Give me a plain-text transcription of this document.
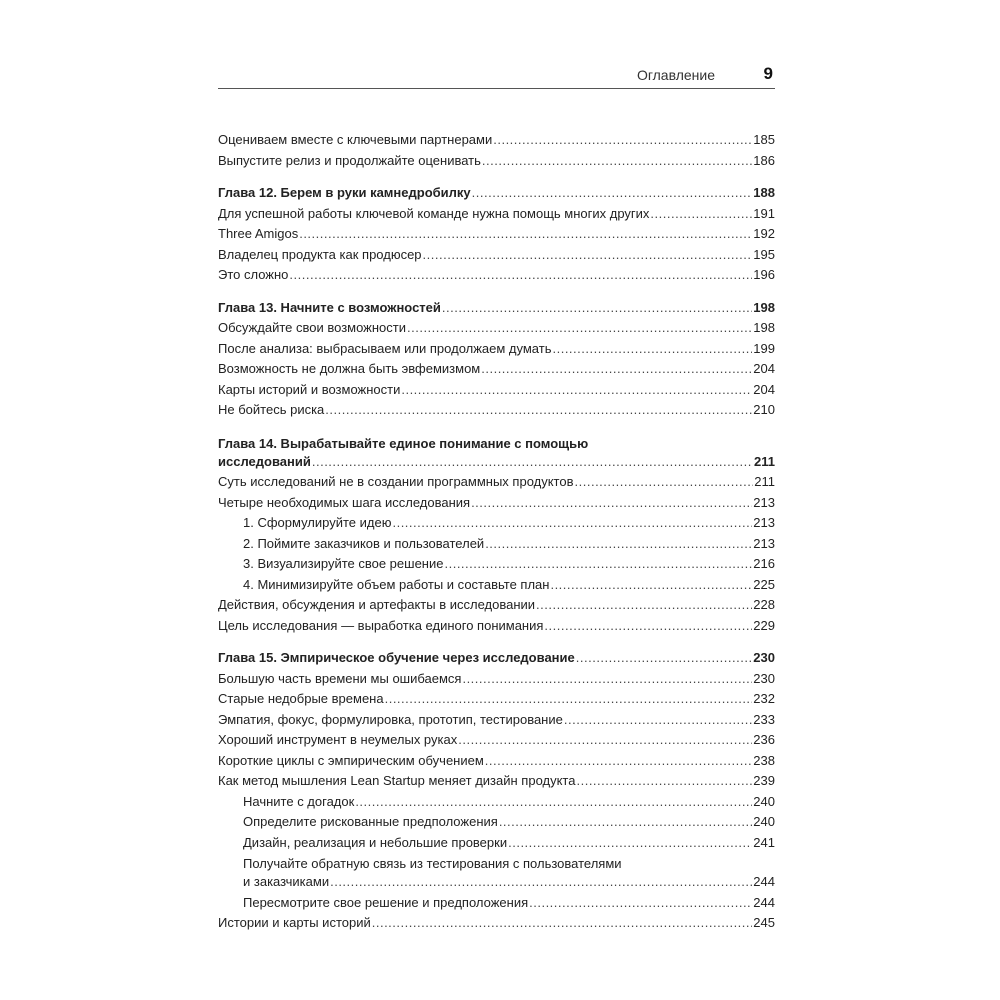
Оглавление	9
Оцениваем вместе с ключевыми партнерами .....	185
Выпустите релиз и продолжайте оценивать .....	186
Глава 12. Берем в руки камнедробилку .....	188
Для успешной работы ключевой команде нужна помощь многих других .....	191
Three Amigos .....	192
Владелец продукта как продюсер .....	195
Это сложно .....	196
Глава 13. Начните с возможностей .....	198
Обсуждайте свои возможности .....	198
После анализа: выбрасываем или продолжаем думать .....	199
Возможность не должна быть эвфемизмом .....	204
Карты историй и возможности .....	204
Не бойтесь риска .....	210
Глава 14. Вырабатывайте единое понимание с помощью
исследований .....	211
Суть исследований не в создании программных продуктов .....	211
Четыре необходимых шага исследования .....	213
1. Сформулируйте идею .....	213
2. Поймите заказчиков и пользователей .....	213
3. Визуализируйте свое решение .....	216
4. Минимизируйте объем работы и составьте план .....	225
Действия, обсуждения и артефакты в исследовании .....	228
Цель исследования — выработка единого понимания .....	229
Глава 15. Эмпирическое обучение через исследование .....	230
Большую часть времени мы ошибаемся .....	230
Старые недобрые времена .....	232
Эмпатия, фокус, формулировка, прототип, тестирование .....	233
Хороший инструмент в неумелых руках .....	236
Короткие циклы с эмпирическим обучением .....	238
Как метод мышления Lean Startup меняет дизайн продукта .....	239
Начните с догадок .....	240
Определите рискованные предположения .....	240
Дизайн, реализация и небольшие проверки .....	241
Получайте обратную связь из тестирования с пользователями
и заказчиками .....	244
Пересмотрите свое решение и предположения .....	244
Истории и карты историй .....	245
